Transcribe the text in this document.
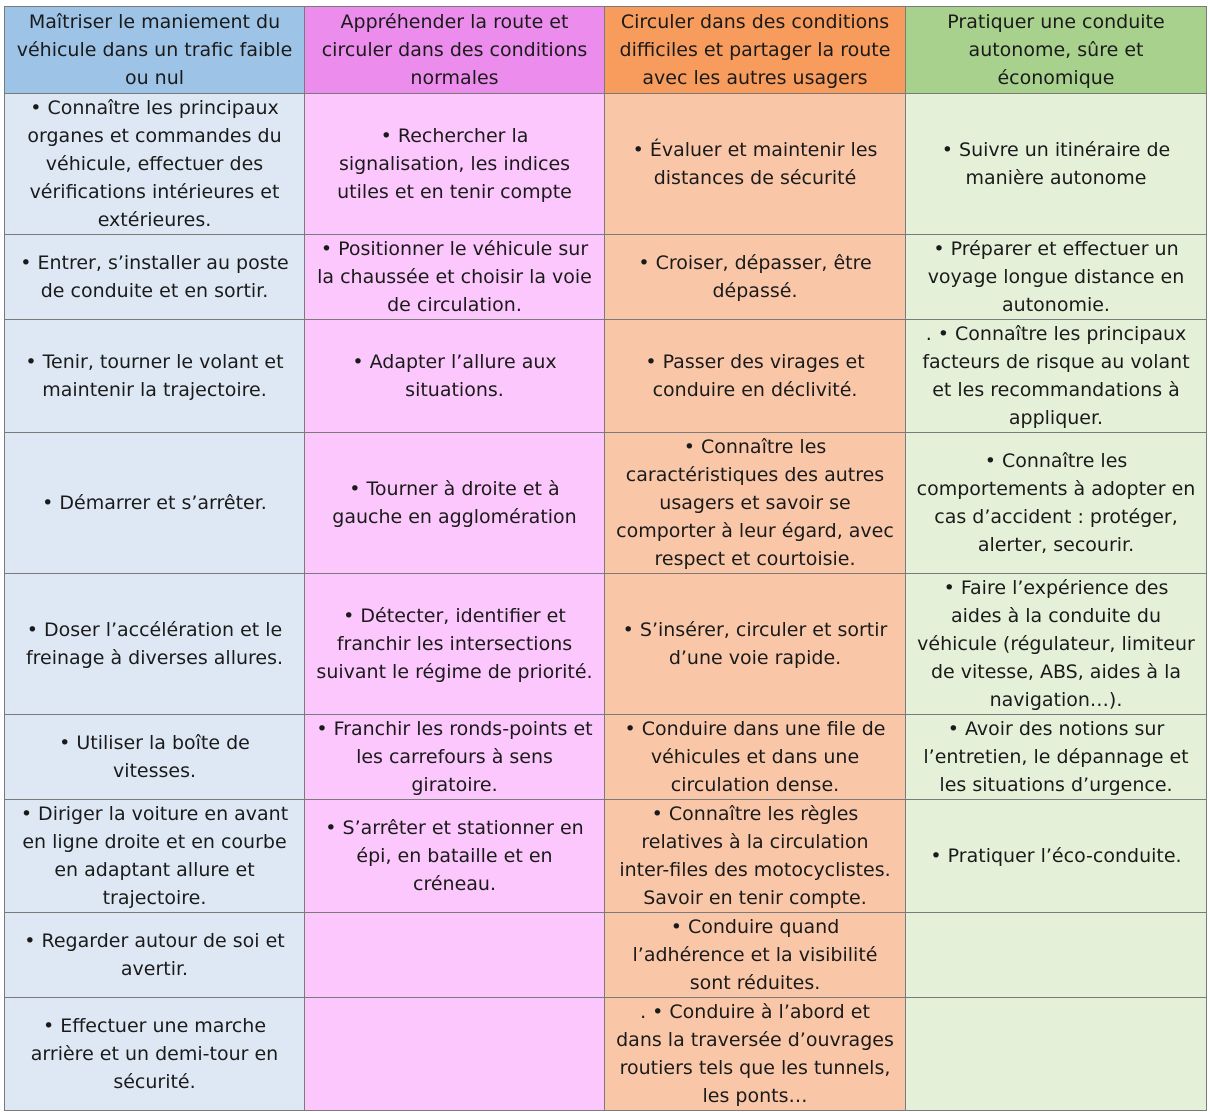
Maîtriser le maniement du véhicule dans un trafic faible ou nul	Appréhender la route et circuler dans des conditions normales	Circuler dans des conditions difficiles et partager la route avec les autres usagers	Pratiquer une conduite autonome, sûre et économique
• Connaître les principaux organes et commandes du véhicule, effectuer des vérifications intérieures et extérieures.	• Rechercher la signalisation, les indices utiles et en tenir compte	• Évaluer et maintenir les distances de sécurité	• Suivre un itinéraire de manière autonome
• Entrer, s’installer au poste de conduite et en sortir.	• Positionner le véhicule sur la chaussée et choisir la voie de circulation.	• Croiser, dépasser, être dépassé.	• Préparer et effectuer un voyage longue distance en autonomie.
• Tenir, tourner le volant et maintenir la trajectoire.	• Adapter l’allure aux situations.	• Passer des virages et conduire en déclivité.	. • Connaître les principaux facteurs de risque au volant et les recommandations à appliquer.
• Démarrer et s’arrêter.	• Tourner à droite et à gauche en agglomération	• Connaître les caractéristiques des autres usagers et savoir se comporter à leur égard, avec respect et courtoisie.	• Connaître les comportements à adopter en cas d’accident : protéger, alerter, secourir.
• Doser l’accélération et le freinage à diverses allures.	• Détecter, identifier et franchir les intersections suivant le régime de priorité.	• S’insérer, circuler et sortir d’une voie rapide.	• Faire l’expérience des aides à la conduite du véhicule (régulateur, limiteur de vitesse, ABS, aides à la navigation…).
• Utiliser la boîte de vitesses.	• Franchir les ronds-points et les carrefours à sens giratoire.	• Conduire dans une file de véhicules et dans une circulation dense.	• Avoir des notions sur l’entretien, le dépannage et les situations d’urgence.
• Diriger la voiture en avant en ligne droite et en courbe en adaptant allure et trajectoire.	• S’arrêter et stationner en épi, en bataille et en créneau.	• Connaître les règles relatives à la circulation inter-files des motocyclistes. Savoir en tenir compte.	• Pratiquer l’éco-conduite.
• Regarder autour de soi et avertir.		• Conduire quand l’adhérence et la visibilité sont réduites.	
• Effectuer une marche arrière et un demi-tour en sécurité.		. • Conduire à l’abord et dans la traversée d’ouvrages routiers tels que les tunnels, les ponts…	
